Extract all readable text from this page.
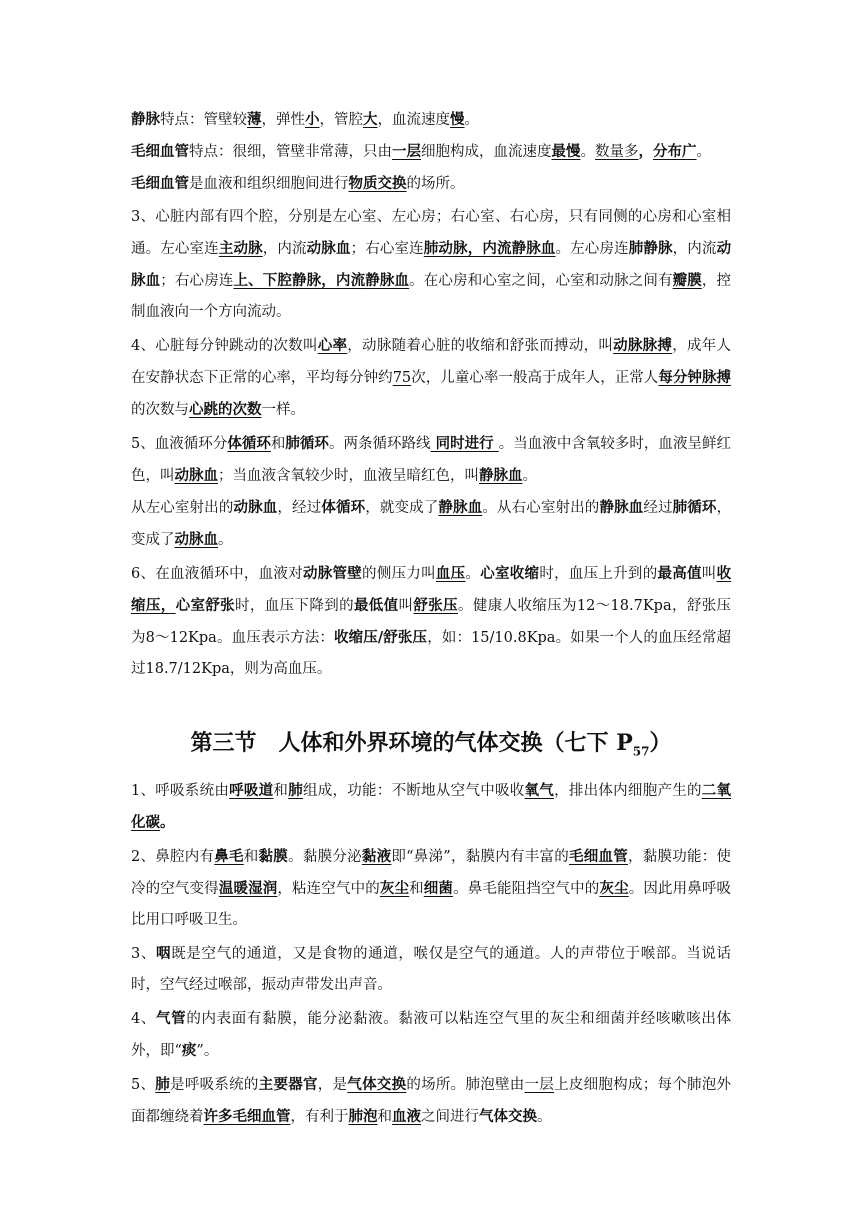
静脉特点：管壁较薄，弹性小，管腔大，血流速度慢。

毛细血管特点：很细，管壁非常薄，只由一层细胞构成，血流速度最慢。数量多，分布广。

毛细血管是血液和组织细胞间进行物质交换的场所。

3、心脏内部有四个腔，分别是左心室、左心房；右心室、右心房，只有同侧的心房和心室相通。左心室连主动脉，内流动脉血；右心室连肺动脉，内流静脉血。左心房连肺静脉，内流动脉血；右心房连上、下腔静脉，内流静脉血。在心房和心室之间，心室和动脉之间有瓣膜，控制血液向一个方向流动。

4、心脏每分钟跳动的次数叫心率，动脉随着心脏的收缩和舒张而搏动，叫动脉脉搏，成年人在安静状态下正常的心率，平均每分钟约75次，儿童心率一般高于成年人，正常人每分钟脉搏的次数与心跳的次数一样。

5、血液循环分体循环和肺循环。两条循环路线 同时进行 。当血液中含氧较多时，血液呈鲜红色，叫动脉血；当血液含氧较少时，血液呈暗红色，叫静脉血。

从左心室射出的动脉血，经过体循环，就变成了静脉血。从右心室射出的静脉血经过肺循环，变成了动脉血。

6、在血液循环中，血液对动脉管壁的侧压力叫血压。心室收缩时，血压上升到的最高值叫收缩压，心室舒张时，血压下降到的最低值叫舒张压。健康人收缩压为12～18.7Kpa，舒张压为8～12Kpa。血压表示方法：收缩压/舒张压，如：15/10.8Kpa。如果一个人的血压经常超过18.7/12Kpa，则为高血压。

第三节　人体和外界环境的气体交换（七下 $P_{57}$）

1、呼吸系统由呼吸道和肺组成，功能：不断地从空气中吸收氧气，排出体内细胞产生的二氧化碳。

2、鼻腔内有鼻毛和黏膜。黏膜分泌黏液即“鼻涕”，黏膜内有丰富的毛细血管，黏膜功能：使冷的空气变得温暖湿润，粘连空气中的灰尘和细菌。鼻毛能阻挡空气中的灰尘。因此用鼻呼吸比用口呼吸卫生。

3、咽既是空气的通道，又是食物的通道，喉仅是空气的通道。人的声带位于喉部。当说话时，空气经过喉部，振动声带发出声音。

4、气管的内表面有黏膜，能分泌黏液。黏液可以粘连空气里的灰尘和细菌并经咳嗽咳出体外，即“痰”。

5、肺是呼吸系统的主要器官，是气体交换的场所。肺泡壁由一层上皮细胞构成；每个肺泡外面都缠绕着许多毛细血管，有利于肺泡和血液之间进行气体交换。
